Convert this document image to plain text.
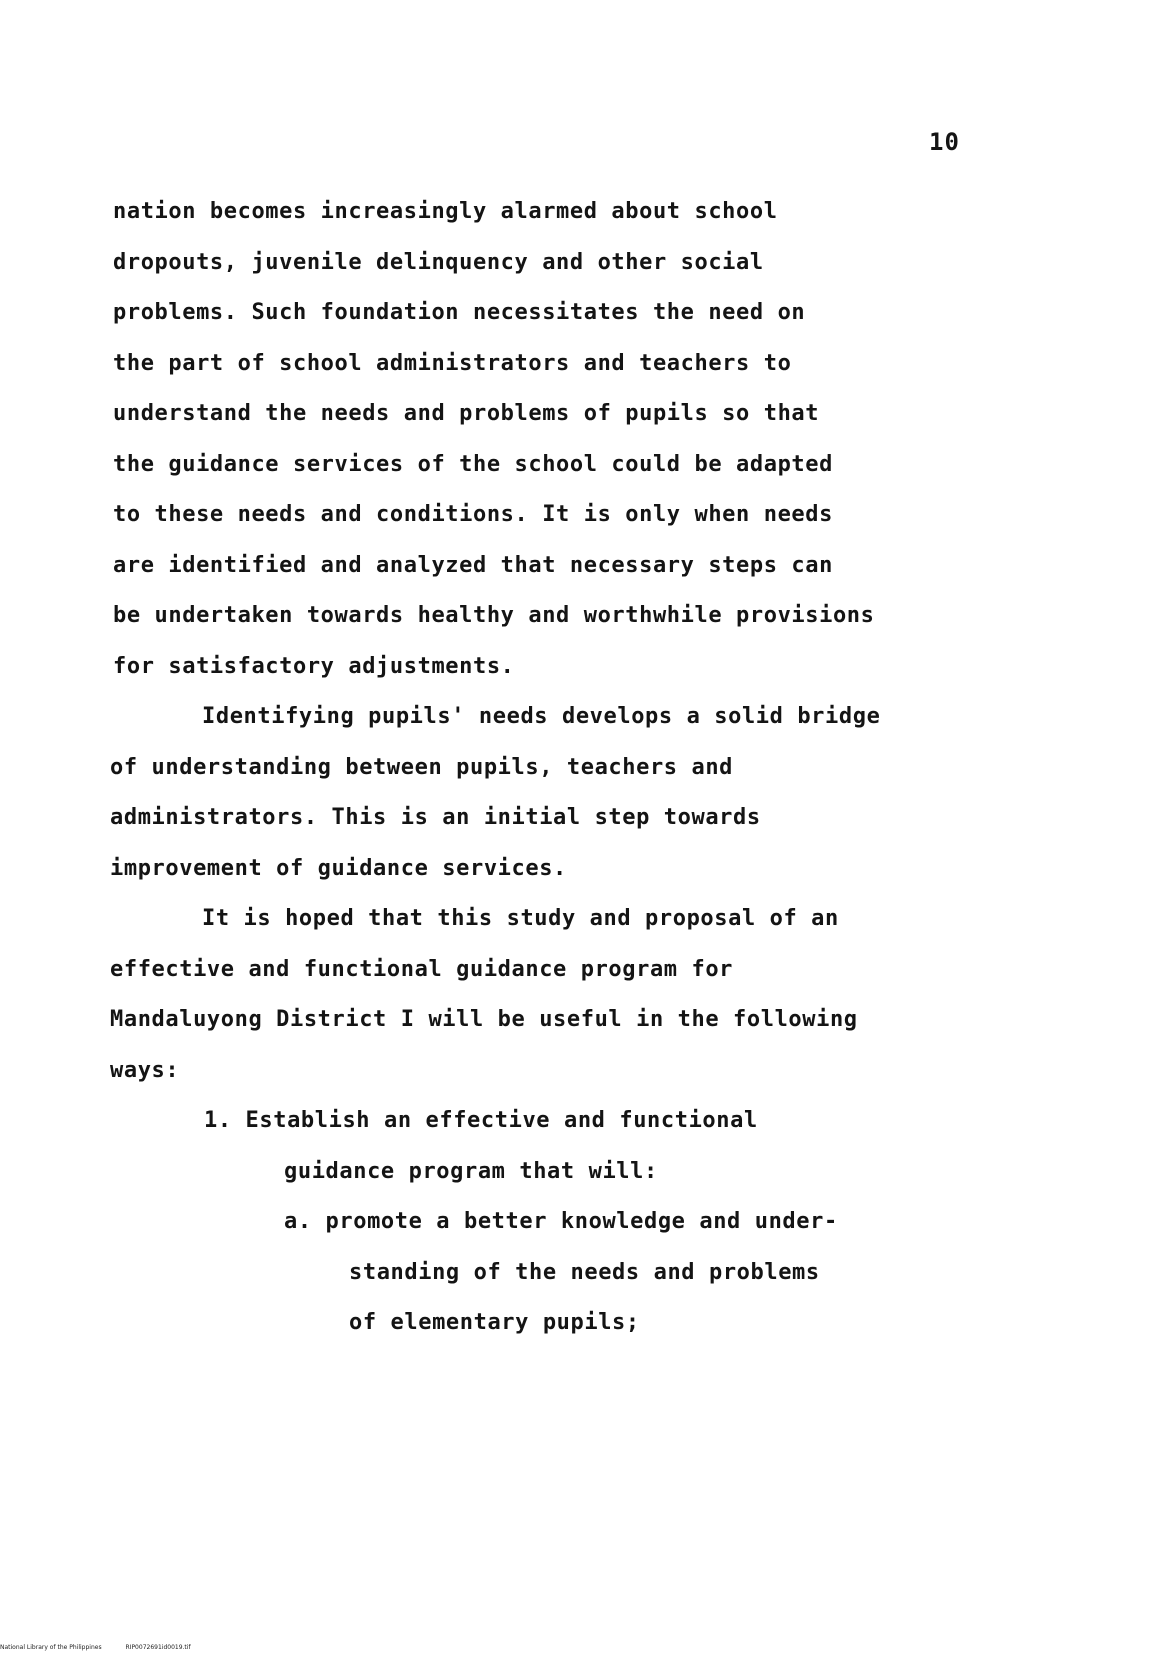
10
nation becomes increasingly alarmed about school
dropouts, juvenile delinquency and other social
problems. Such foundation necessitates the need on
the part of school administrators and teachers to
understand the needs and problems of pupils so that
the guidance services of the school could be adapted
to these needs and conditions. It is only when needs
are identified and analyzed that necessary steps can
be undertaken towards healthy and worthwhile provisions
for satisfactory adjustments.
Identifying pupils' needs develops a solid bridge
of understanding between pupils, teachers and
administrators. This is an initial step towards
improvement of guidance services.
It is hoped that this study and proposal of an
effective and functional guidance program for
Mandaluyong District I will be useful in the following
ways:
1. Establish an effective and functional
guidance program that will:
a. promote a better knowledge and under-
standing of the needs and problems
of elementary pupils;
National Library of the Philippines	RIP0072691id0019.tif
